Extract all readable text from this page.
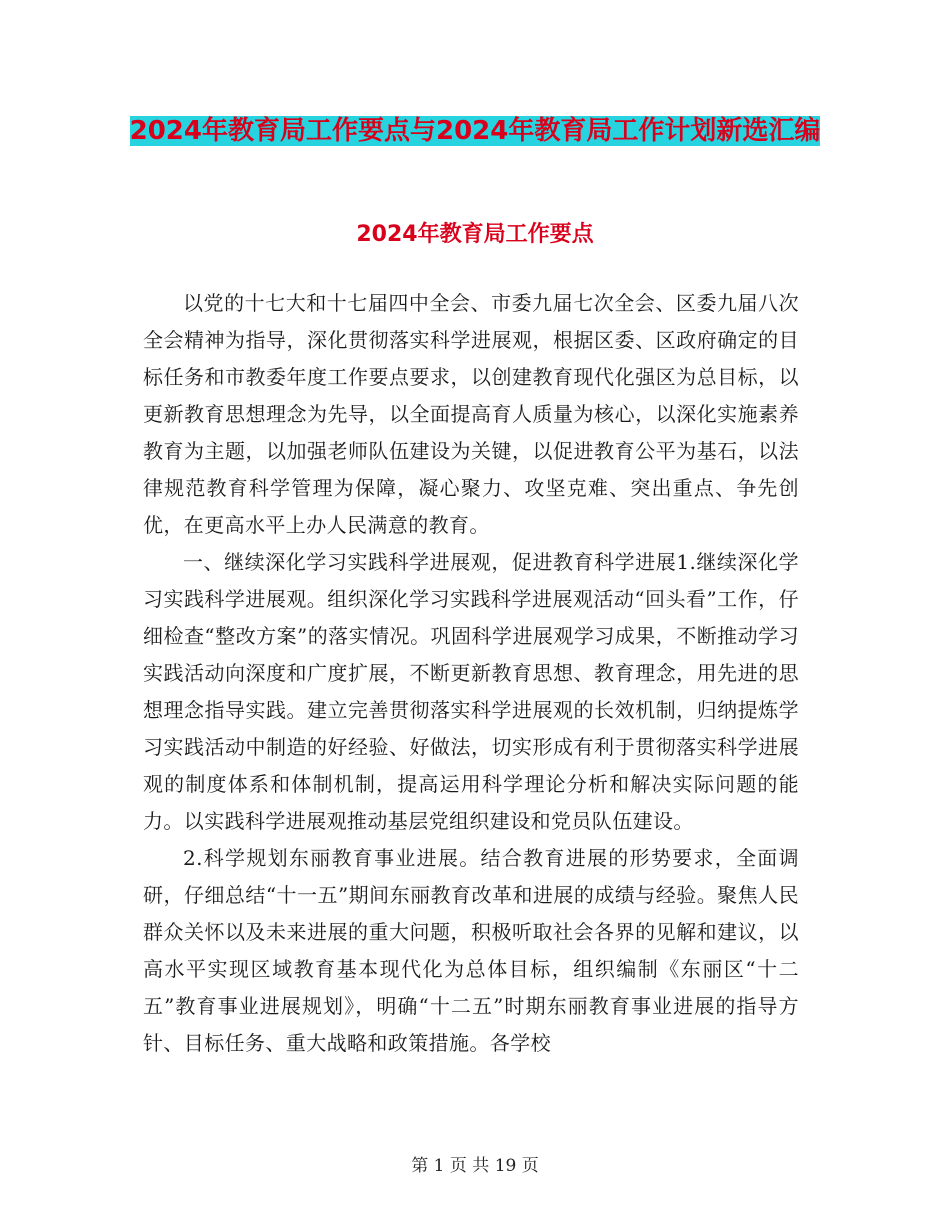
2024年教育局工作要点与2024年教育局工作计划新选汇编
2024年教育局工作要点

以党的十七大和十七届四中全会、市委九届七次全会、区委九届八次全会精神为指导，深化贯彻落实科学进展观，根据区委、区政府确定的目标任务和市教委年度工作要点要求，以创建教育现代化强区为总目标，以更新教育思想理念为先导，以全面提高育人质量为核心，以深化实施素养教育为主题，以加强老师队伍建设为关键，以促进教育公平为基石，以法律规范教育科学管理为保障，凝心聚力、攻坚克难、突出重点、争先创优，在更高水平上办人民满意的教育。

一、继续深化学习实践科学进展观，促进教育科学进展1.继续深化学习实践科学进展观。组织深化学习实践科学进展观活动“回头看”工作，仔细检查“整改方案”的落实情况。巩固科学进展观学习成果，不断推动学习实践活动向深度和广度扩展，不断更新教育思想、教育理念，用先进的思想理念指导实践。建立完善贯彻落实科学进展观的长效机制，归纳提炼学习实践活动中制造的好经验、好做法，切实形成有利于贯彻落实科学进展观的制度体系和体制机制，提高运用科学理论分析和解决实际问题的能力。以实践科学进展观推动基层党组织建设和党员队伍建设。

2.科学规划东丽教育事业进展。结合教育进展的形势要求，全面调研，仔细总结“十一五”期间东丽教育改革和进展的成绩与经验。聚焦人民群众关怀以及未来进展的重大问题，积极听取社会各界的见解和建议，以高水平实现区域教育基本现代化为总体目标，组织编制《东丽区“十二五”教育事业进展规划》，明确“十二五”时期东丽教育事业进展的指导方针、目标任务、重大战略和政策措施。各学校

第 1 页 共 19 页
